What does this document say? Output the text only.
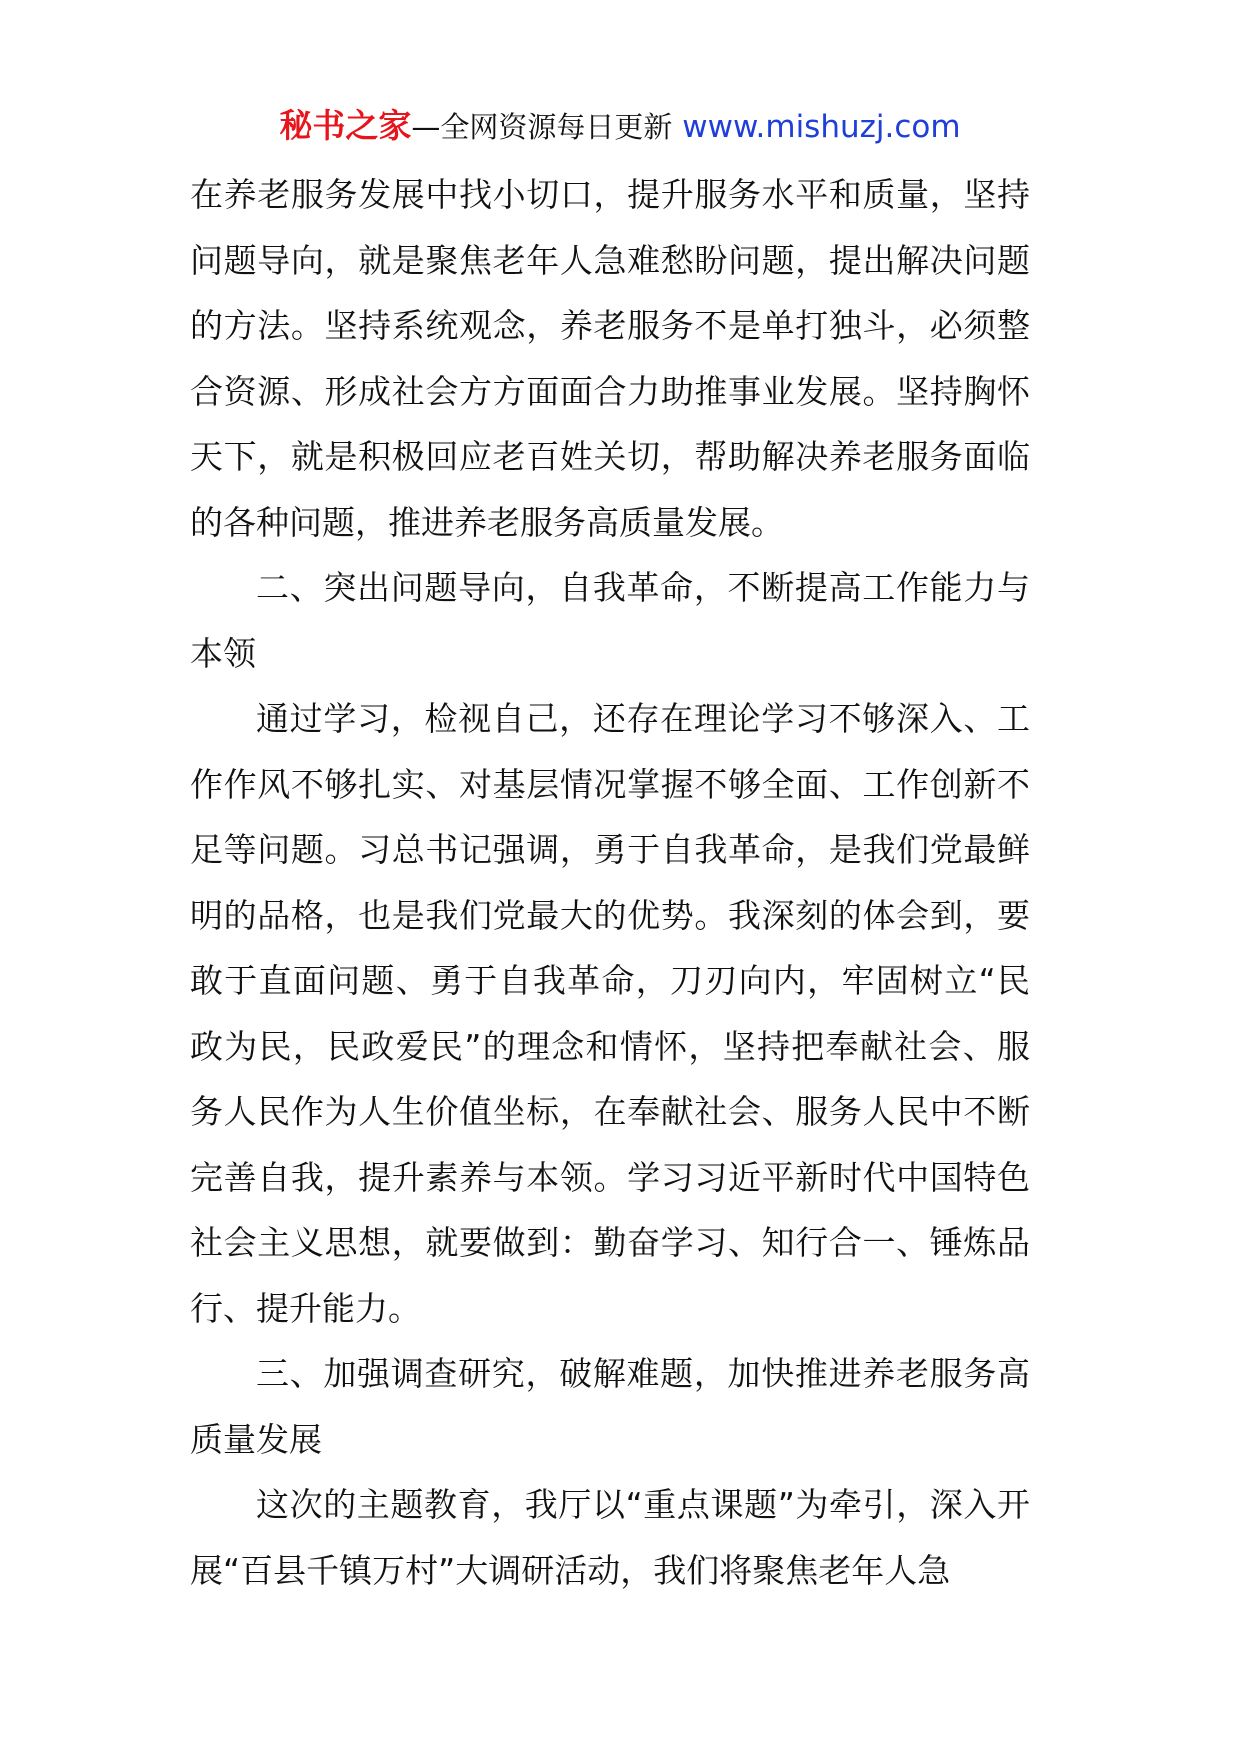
秘书之家—全网资源每日更新 www.mishuzj.com

在养老服务发展中找小切口，提升服务水平和质量，坚持问题导向，就是聚焦老年人急难愁盼问题，提出解决问题的方法。坚持系统观念，养老服务不是单打独斗，必须整合资源、形成社会方方面面合力助推事业发展。坚持胸怀天下，就是积极回应老百姓关切，帮助解决养老服务面临的各种问题，推进养老服务高质量发展。

二、突出问题导向，自我革命，不断提高工作能力与本领

通过学习，检视自己，还存在理论学习不够深入、工作作风不够扎实、对基层情况掌握不够全面、工作创新不足等问题。习总书记强调，勇于自我革命，是我们党最鲜明的品格，也是我们党最大的优势。我深刻的体会到，要敢于直面问题、勇于自我革命，刀刃向内，牢固树立“民政为民，民政爱民”的理念和情怀，坚持把奉献社会、服务人民作为人生价值坐标，在奉献社会、服务人民中不断完善自我，提升素养与本领。学习习近平新时代中国特色社会主义思想，就要做到：勤奋学习、知行合一、锤炼品行、提升能力。

三、加强调查研究，破解难题，加快推进养老服务高质量发展

这次的主题教育，我厅以“重点课题”为牵引，深入开展“百县千镇万村”大调研活动，我们将聚焦老年人急
